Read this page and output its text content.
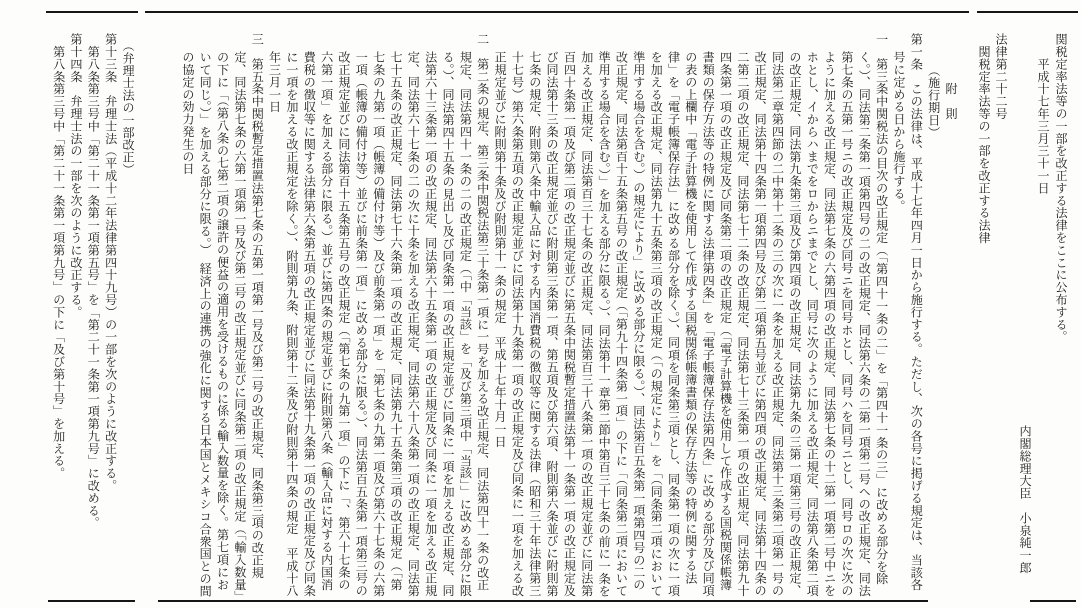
関税定率法等の一部を改正する法律をここに公布する。
　　平成十七年三月三十一日
内閣総理大臣　小泉純一郎
法律第二十二号
　関税定率法等の一部を改正する法律

　　　　附　則

　　　（施行期日）

第一条　この法律は、平成十七年四月一日から施行する。ただし、次の各号に掲げる規定は、当該各号に定める日から施行する。

一　第三条中関税法の目次の改正規定（「第四十一条の二」を「第四十一条の三」に改める部分を除く。）、同法第二条第一項第四号の二の改正規定、同法第六条の二第一項第二号ヘの改正規定、同法第七条の五第一号ニの改正規定及び同号ニを同号ホとし、同号ハを同号ニとし、同号ロの次に次のように加える改正規定、同法第七条の六第四項の改正規定、同法第七条の十二第一項第二号中ニをホとし、イからハまでをロからニまでとし、同号に次のように加える改正規定、同法第八条第二項の改正規定、同法第九条第三項及び第四項の改正規定、同法第九条の三第一項第三号の改正規定、同法第二章第四節の二中第十二条の三の次に一条を加える改正規定、同法第十三条第二項第一号の改正規定、同法第十四条第一項第四号及び第二項第五号並びに第四項の改正規定、同法第十四条の二第二項の改正規定、同法第七十二条の改正規定、同法第七十三条第一項の改正規定、同法第九十四条第一項の改正規定及び同条第二項の改正規定（「電子計算機を使用して作成する国税関係帳簿書類の保存方法等の特例に関する法律第四条」を「電子帳簿保存法第四条」に改める部分及び同項の表の上欄中「電子計算機を使用して作成する国税関係帳簿書類の保存方法等の特例に関する法律」を「電子帳簿保存法」に改める部分を除く。）、同項を同条第三項とし、同条第一項の次に一項を加える改正規定、同法第九十五条第三項の改正規定（「の規定により」を「（同条第二項において準用する場合を含む。）の規定により」に改める部分に限る。）、同法第百五条第一項第四号の二の改正規定、同法第百十五条第五号の改正規定（「第九十四条第一項」の下に「（同条第二項において準用する場合を含む。）」を加える部分に限る。）、同法第十一章第二節中第百三十七条の前に一条を加える改正規定、同法第百三十七条の改正規定、同法第百三十八条第一項の改正規定並びに同法第百四十条第一項及び第二項の改正規定並びに第五条中関税暫定措置法第十一条第一項の改正規定及び同法第十三条の改正規定並びに附則第三条第一項、第五項及び第六項、附則第六条並びに附則第七条の規定、附則第八条中輸入品に対する内国消費税の徴収等に関する法律（昭和三十年法律第三十七号）第六条第五項の改正規定並びに同法第十九条第一項の改正規定及び同条に一項を加える改正規定並びに附則第十条及び附則第十一条の規定　平成十七年十月一日

二　第二条の規定、第三条中関税法第三十条第一項に一号を加える改正規定、同法第四十一条の改正規定、同法第四十一条の二の改正規定（「中「当該」を「及び第三項中「当該」」に改める部分に限る。）、同法第四十五条の見出し及び同条第一項の改正規定並びに同条に一項を加える改正規定、同法第六十三条第一項の改正規定、同法第六十五条第一項の改正規定及び同条に一項を加える改正規定、同法第六十七条の二の次に十条を加える改正規定、同法第六十八条第一項の改正規定、同法第七十五条の改正規定、同法第七十六条第一項の改正規定、同法第九十五条第三項の改正規定（「第七条の九第一項（帳簿の備付け等）及び前条第一項」を「第七条の九第一項及び第六十七条の六第一項（帳簿の備付け等）並びに前条第一項」に改める部分に限る。）、同法第百五条第一項第三号の改正規定並びに同法第百十五条第五号の改正規定（「第七条の九第一項」の下に「、第六十七条の六第一項」を加える部分に限る。）並びに第四条の規定並びに附則第八条（輸入品に対する内国消費税の徴収等に関する法律第六条第五項の改正規定並びに同法第十九条第一項の改正規定及び同条に一項を加える改正規定を除く。）、附則第九条、附則第十二条及び附則第十四条の規定　平成十八年三月一日

三　第五条中関税暫定措置法第七条の五第一項第一号及び第二号の改正規定、同条第三項の改正規定、同法第七条の六第一項第一号及び第二号の改正規定並びに同条第二項の改正規定（「輸入数量」の下に「（第八条の七第二項の譲許の便益の適用を受けるものに係る輸入数量を除く。第七項において同じ。）」を加える部分に限る。）　経済上の連携の強化に関する日本国とメキシコ合衆国との間の協定の効力発生の日

　（弁理士法の一部改正）

第十三条　弁理士法（平成十二年法律第四十九号）の一部を次のように改正する。

　第八条第三号中「第二十一条第一項第五号」を「第二十一条第一項第九号」に改める。

第十四条　弁理士法の一部を次のように改正する。

　第八条第三号中「第二十一条第一項第九号」の下に「及び第十号」を加える。
